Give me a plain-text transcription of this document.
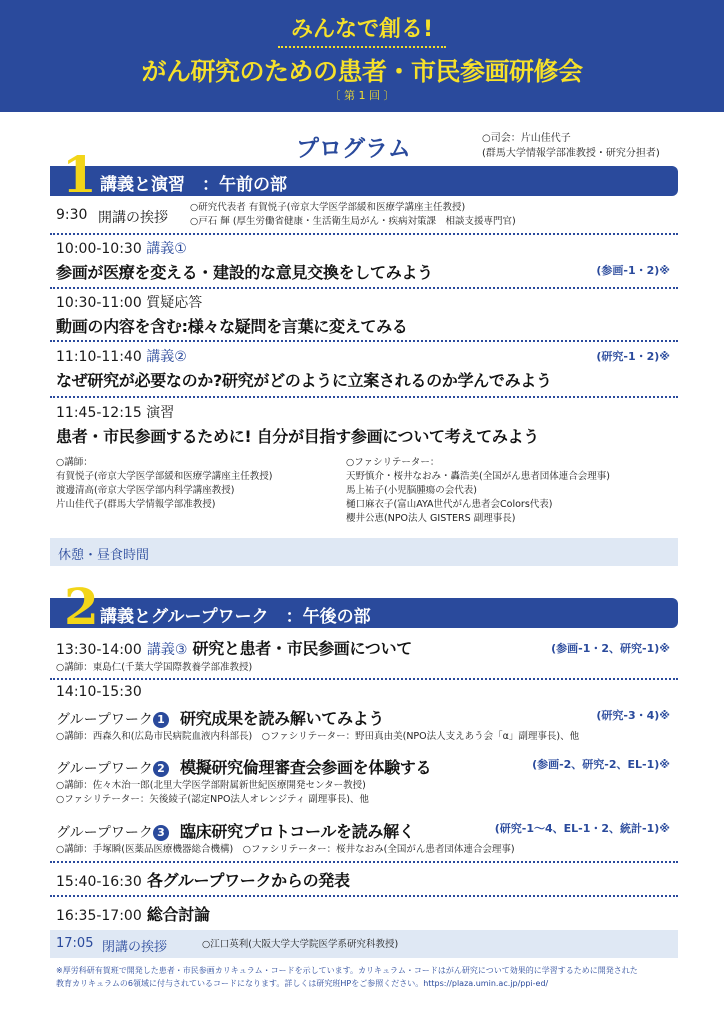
みんなで創る!
がん研究のための患者・市民参画研修会
〔 第 1 回 〕
プログラム	○司会：片山佳代子
(群馬大学情報学部准教授・研究分担者)
講義と演習　：午前の部
1
9:30 開講の挨拶
○研究代表者 有賀悦子(帝京大学医学部緩和医療学講座主任教授)
○戸石 輝 (厚生労働省健康・生活衛生局がん・疾病対策課　相談支援専門官)
10:00-10:30 講義①
参画が医療を変える・建設的な意見交換をしてみよう	(参画-1・2)※
10:30-11:00 質疑応答
動画の内容を含む:様々な疑問を言葉に変えてみる
11:10-11:40 講義②
なぜ研究が必要なのか?研究がどのように立案されるのか学んでみよう
(研究-1・2)※
11:45-12:15 演習
患者・市民参画するために! 自分が目指す参画について考えてみよう
○講師：
有賀悦子(帝京大学医学部緩和医療学講座主任教授)
渡邊清高(帝京大学医学部内科学講座教授)
片山佳代子(群馬大学情報学部准教授)
○ファシリテーター：
天野慎介・桜井なおみ・轟浩美(全国がん患者団体連合会理事)
馬上祐子(小児脳腫瘍の会代表)
樋口麻衣子(富山AYA世代がん患者会Colors代表)
櫻井公恵(NPO法人 GISTERS 副理事長)
休憩・昼食時間
講義とグループワーク　：午後の部
2
13:30-14:00 講義③ 研究と患者・市民参画について	(参画-1・2、研究-1)※
○講師：東島仁(千葉大学国際教養学部准教授)
14:10-15:30
グループワーク 1 研究成果を読み解いてみよう	(研究-3・4)※
○講師：西森久和(広島市民病院血液内科部長)　○ファシリテーター：野田真由美(NPO法人支えあう会「α」副理事長)、他
グループワーク 2 模擬研究倫理審査会参画を体験する	(参画-2、研究-2、EL-1)※
○講師：佐々木治一郎(北里大学医学部附属新世紀医療開発センター教授)
○ファシリテーター：矢後綾子(認定NPO法人オレンジティ 副理事長)、他
グループワーク 3 臨床研究プロトコールを読み解く	(研究-1～4、EL-1・2、統計-1)※
○講師：手塚瞬(医薬品医療機器総合機構)　○ファシリテーター：桜井なおみ(全国がん患者団体連合会理事)
15:40-16:30 各グループワークからの発表
16:35-17:00 総合討論
17:05 閉講の挨拶	○江口英利(大阪大学大学院医学系研究科教授)
※厚労科研有賀班で開発した患者・市民参画カリキュラム・コードを示しています。カリキュラム・コードはがん研究について効果的に学習するために開発された
教育カリキュラムの6領域に付与されているコードになります。詳しくは研究班HPをご参照ください。https://plaza.umin.ac.jp/ppi-ed/
